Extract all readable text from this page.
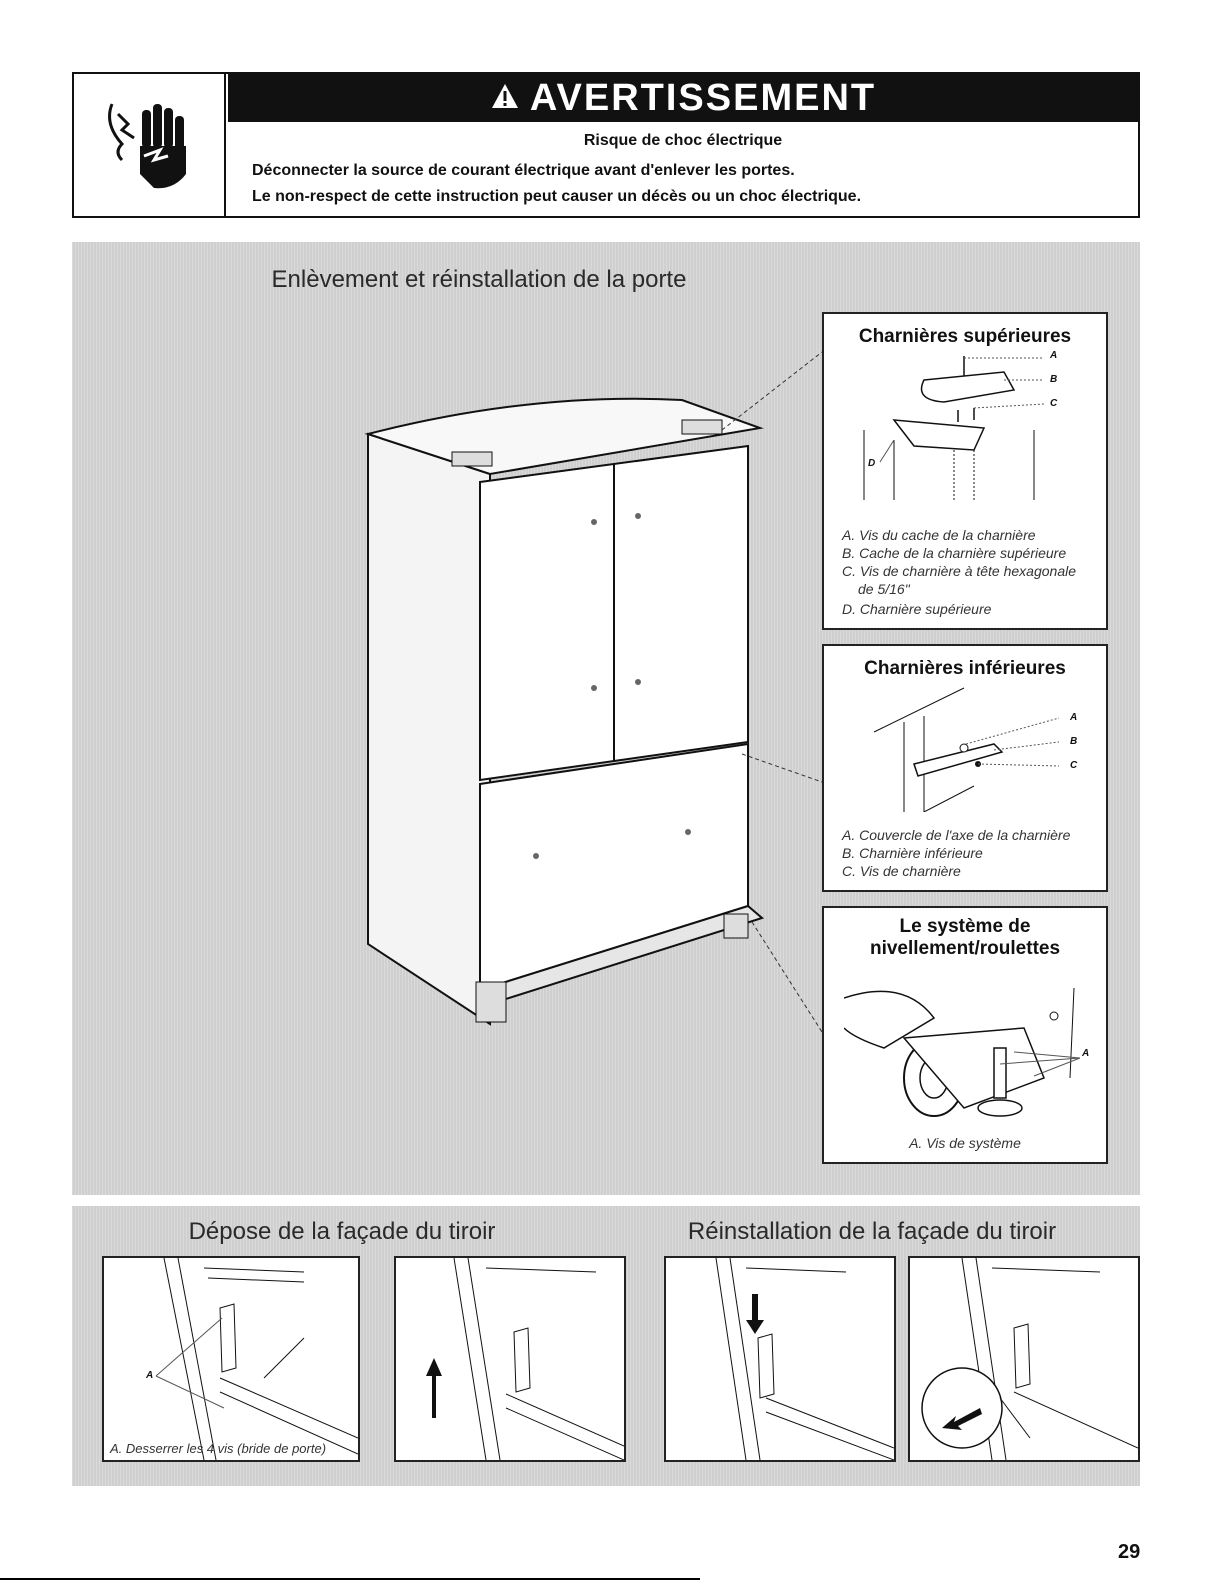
AVERTISSEMENT
Risque de choc électrique
Déconnecter la source de courant électrique avant d'enlever les portes.
Le non-respect de cette instruction peut causer un décès ou un choc électrique.
Enlèvement et réinstallation de la porte
Charnières supérieures
A
B
C
D
A. Vis du cache de la charnière
B. Cache de la charnière supérieure
C. Vis de charnière à tête hexagonale
de 5/16"
D. Charnière supérieure
Charnières inférieures
A
B
C
A. Couvercle de l'axe de la charnière
B. Charnière inférieure
C. Vis de charnière
Le système de
nivellement/roulettes
A
A. Vis de système
Dépose de la façade du tiroir	Réinstallation de la façade du tiroir
A
A. Desserrer les 4 vis (bride de porte)
29
